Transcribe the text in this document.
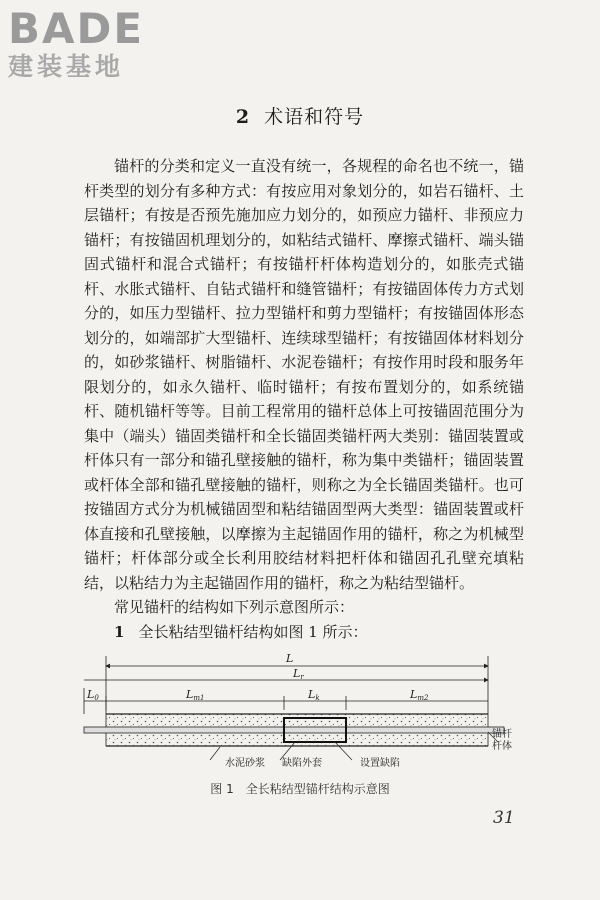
BADE
建装基地
2 术语和符号

锚杆的分类和定义一直没有统一，各规程的命名也不统一，锚杆类型的划分有多种方式：有按应用对象划分的，如岩石锚杆、土层锚杆；有按是否预先施加应力划分的，如预应力锚杆、非预应力锚杆；有按锚固机理划分的，如粘结式锚杆、摩擦式锚杆、端头锚固式锚杆和混合式锚杆；有按锚杆杆体构造划分的，如胀壳式锚杆、水胀式锚杆、自钻式锚杆和缝管锚杆；有按锚固体传力方式划分的，如压力型锚杆、拉力型锚杆和剪力型锚杆；有按锚固体形态划分的，如端部扩大型锚杆、连续球型锚杆；有按锚固体材料划分的，如砂浆锚杆、树脂锚杆、水泥卷锚杆；有按作用时段和服务年限划分的，如永久锚杆、临时锚杆；有按布置划分的，如系统锚杆、随机锚杆等等。目前工程常用的锚杆总体上可按锚固范围分为集中（端头）锚固类锚杆和全长锚固类锚杆两大类别：锚固装置或杆体只有一部分和锚孔壁接触的锚杆，称为集中类锚杆；锚固装置或杆体全部和锚孔壁接触的锚杆，则称之为全长锚固类锚杆。也可按锚固方式分为机械锚固型和粘结锚固型两大类型：锚固装置或杆体直接和孔壁接触，以摩擦为主起锚固作用的锚杆，称之为机械型锚杆；杆体部分或全长利用胶结材料把杆体和锚固孔孔壁充填粘结，以粘结力为主起锚固作用的锚杆，称之为粘结型锚杆。

常见锚杆的结构如下列示意图所示：

1 全长粘结型锚杆结构如图 1 所示：

L
Lr
L0	Lm1	Lk	Lm2
水泥砂浆 缺陷外套	设置缺陷
锚杆
杆体
图 1　全长粘结型锚杆结构示意图
31
